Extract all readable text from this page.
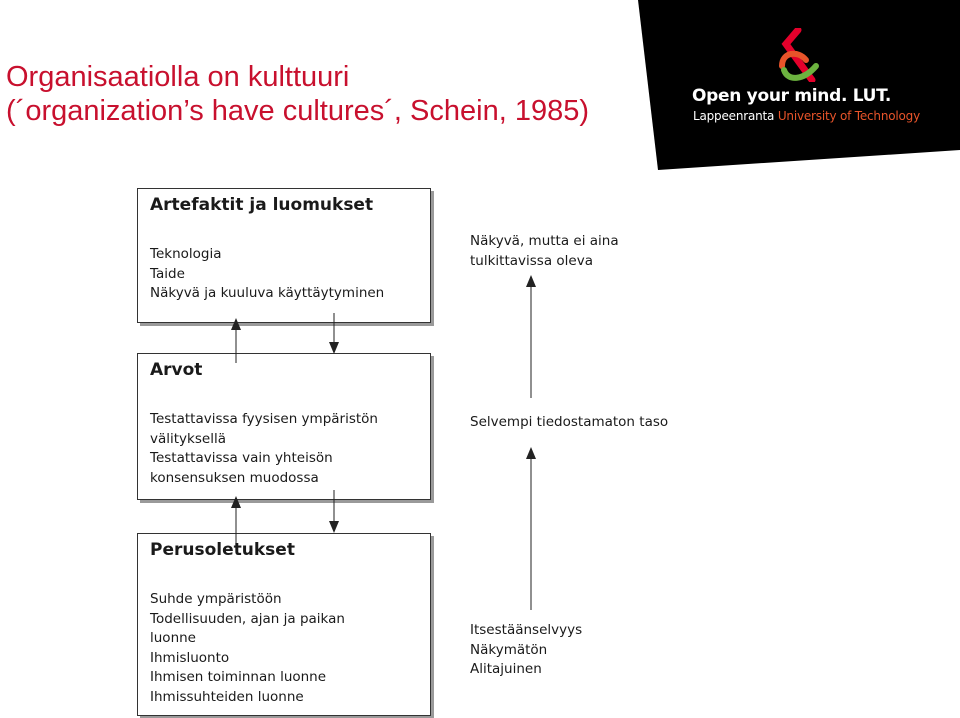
Organisaatiolla on kulttuuri
(´organization’s have cultures´, Schein, 1985)	Open your mind. LUT.
Lappeenranta University of Technology
Artefaktit ja luomukset
Teknologia
Taide
Näkyvä ja kuuluva käyttäytyminen
Arvot
Testattavissa fyysisen ympäristön
välityksellä
Testattavissa vain yhteisön
konsensuksen muodossa
Perusoletukset
Suhde ympäristöön
Todellisuuden, ajan ja paikan
luonne
Ihmisluonto
Ihmisen toiminnan luonne
Ihmissuhteiden luonne
Näkyvä, mutta ei aina
tulkittavissa oleva
Selvempi tiedostamaton taso
Itsestäänselvyys
Näkymätön
Alitajuinen
